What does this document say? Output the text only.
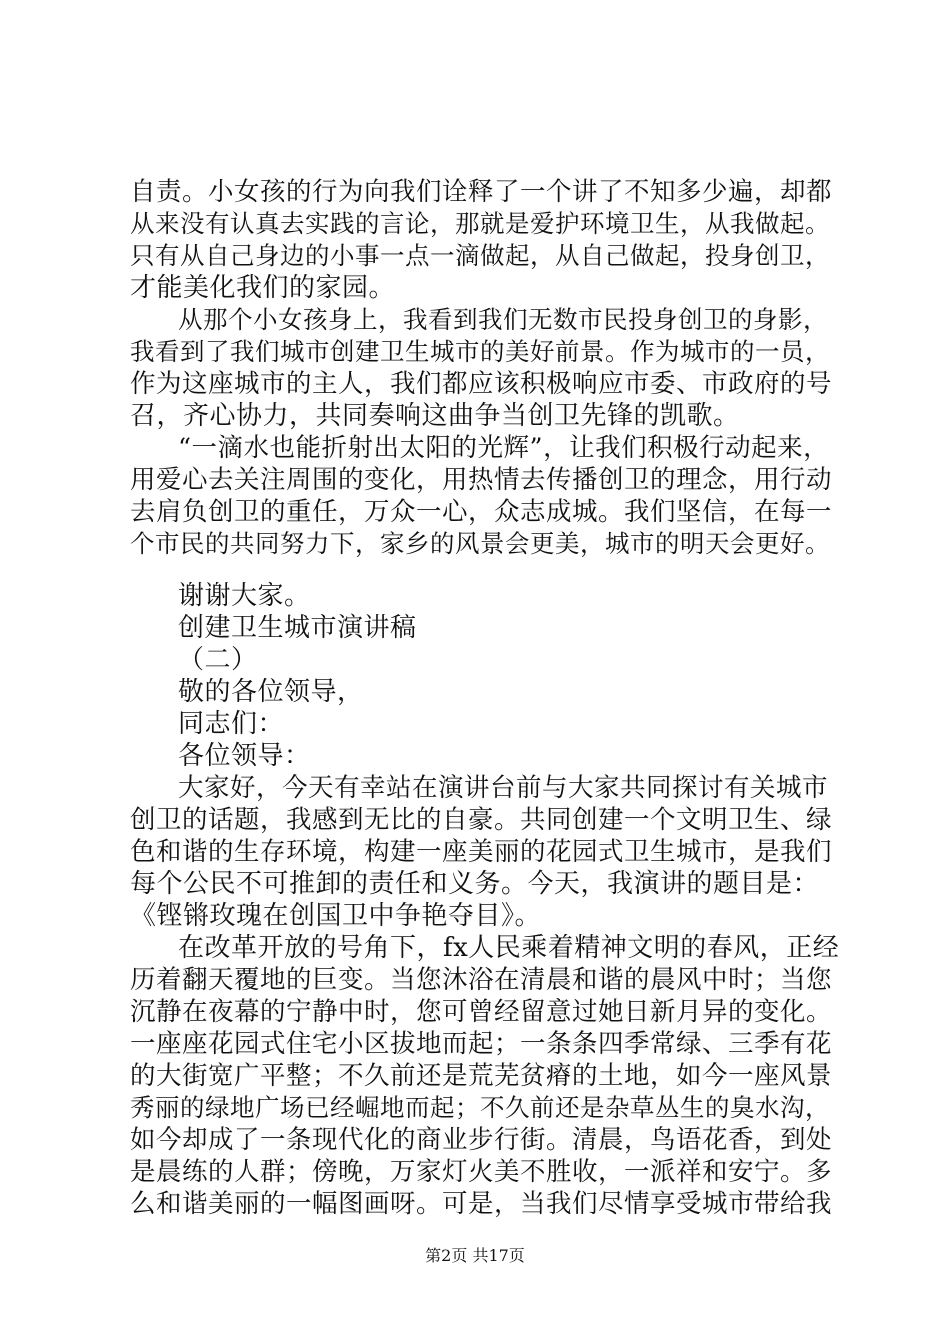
自责。小女孩的行为向我们诠释了一个讲了不知多少遍，却都
从来没有认真去实践的言论，那就是爱护环境卫生，从我做起。
只有从自己身边的小事一点一滴做起，从自己做起，投身创卫，
才能美化我们的家园。
从那个小女孩身上，我看到我们无数市民投身创卫的身影，
我看到了我们城市创建卫生城市的美好前景。作为城市的一员，
作为这座城市的主人，我们都应该积极响应市委、市政府的号
召，齐心协力，共同奏响这曲争当创卫先锋的凯歌。
“一滴水也能折射出太阳的光辉”，让我们积极行动起来，
用爱心去关注周围的变化，用热情去传播创卫的理念，用行动
去肩负创卫的重任，万众一心，众志成城。我们坚信，在每一
个市民的共同努力下，家乡的风景会更美，城市的明天会更好。
谢谢大家。
创建卫生城市演讲稿
（二）
敬的各位领导，
同志们：
各位领导：
大家好，今天有幸站在演讲台前与大家共同探讨有关城市
创卫的话题，我感到无比的自豪。共同创建一个文明卫生、绿
色和谐的生存环境，构建一座美丽的花园式卫生城市，是我们
每个公民不可推卸的责任和义务。今天，我演讲的题目是：
《铿锵玫瑰在创国卫中争艳夺目》。
在改革开放的号角下，fx人民乘着精神文明的春风，正经
历着翻天覆地的巨变。当您沐浴在清晨和谐的晨风中时；当您
沉静在夜幕的宁静中时，您可曾经留意过她日新月异的变化。
一座座花园式住宅小区拔地而起；一条条四季常绿、三季有花
的大街宽广平整；不久前还是荒芜贫瘠的土地，如今一座风景
秀丽的绿地广场已经崛地而起；不久前还是杂草丛生的臭水沟，
如今却成了一条现代化的商业步行街。清晨，鸟语花香，到处
是晨练的人群；傍晚，万家灯火美不胜收，一派祥和安宁。多
么和谐美丽的一幅图画呀。可是，当我们尽情享受城市带给我
第2页 共17页
